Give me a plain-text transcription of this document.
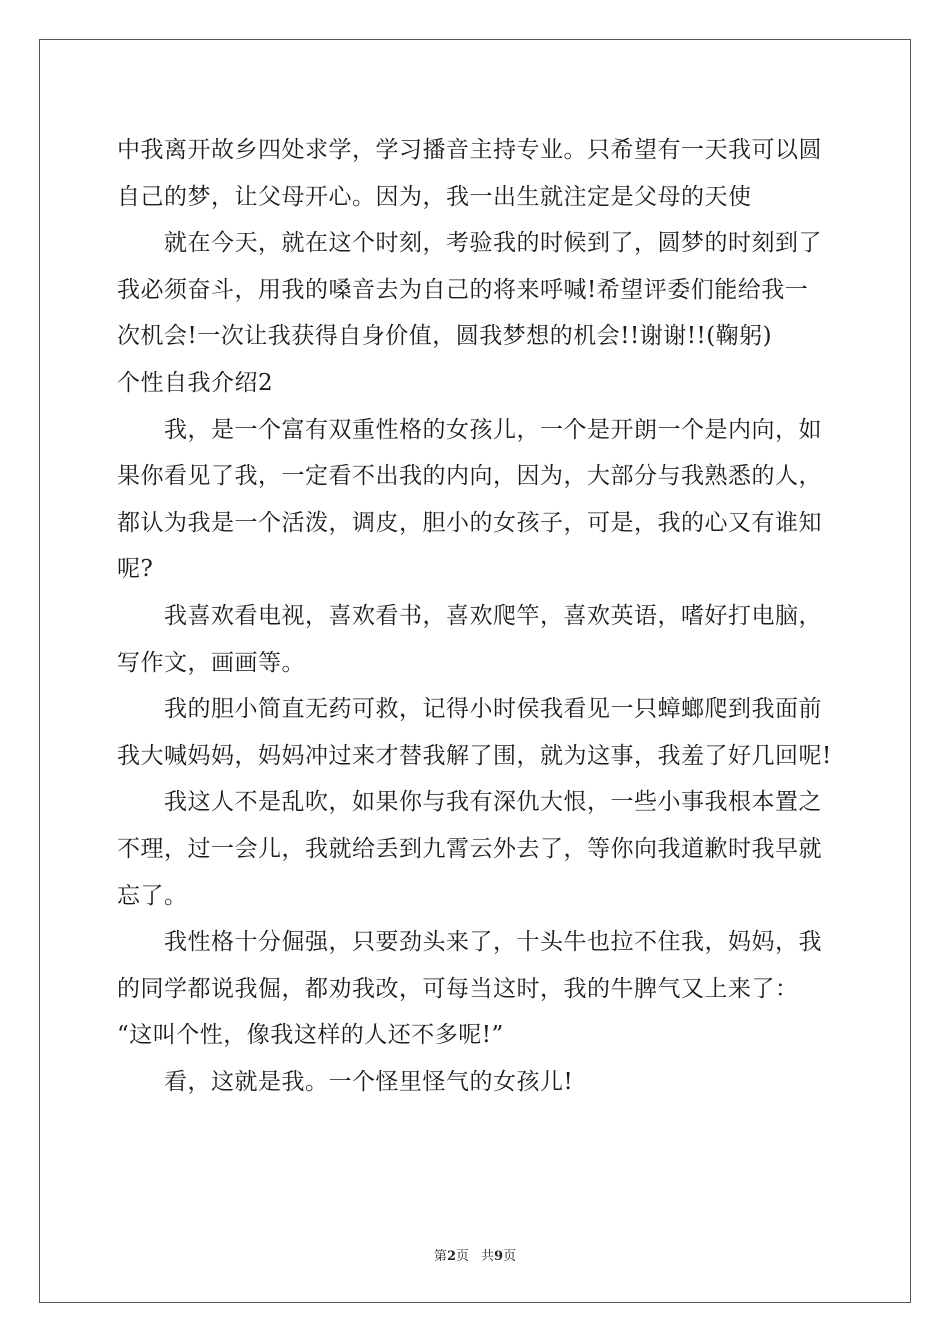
中我离开故乡四处求学，学习播音主持专业。只希望有一天我可以圆
自己的梦，让父母开心。因为，我一出生就注定是父母的天使
就在今天，就在这个时刻，考验我的时候到了，圆梦的时刻到了
我必须奋斗，用我的嗓音去为自己的将来呼喊!希望评委们能给我一
次机会!一次让我获得自身价值，圆我梦想的机会!!谢谢!!(鞠躬)
个性自我介绍2
我，是一个富有双重性格的女孩儿，一个是开朗一个是内向，如
果你看见了我，一定看不出我的内向，因为，大部分与我熟悉的人，
都认为我是一个活泼，调皮，胆小的女孩子，可是，我的心又有谁知
呢?
我喜欢看电视，喜欢看书，喜欢爬竿，喜欢英语，嗜好打电脑，
写作文，画画等。
我的胆小简直无药可救，记得小时侯我看见一只蟑螂爬到我面前
我大喊妈妈，妈妈冲过来才替我解了围，就为这事，我羞了好几回呢!
我这人不是乱吹，如果你与我有深仇大恨，一些小事我根本置之
不理，过一会儿，我就给丢到九霄云外去了，等你向我道歉时我早就
忘了。
我性格十分倔强，只要劲头来了，十头牛也拉不住我，妈妈，我
的同学都说我倔，都劝我改，可每当这时，我的牛脾气又上来了：
“这叫个性，像我这样的人还不多呢!”
看，这就是我。一个怪里怪气的女孩儿!
第2页 共9页
